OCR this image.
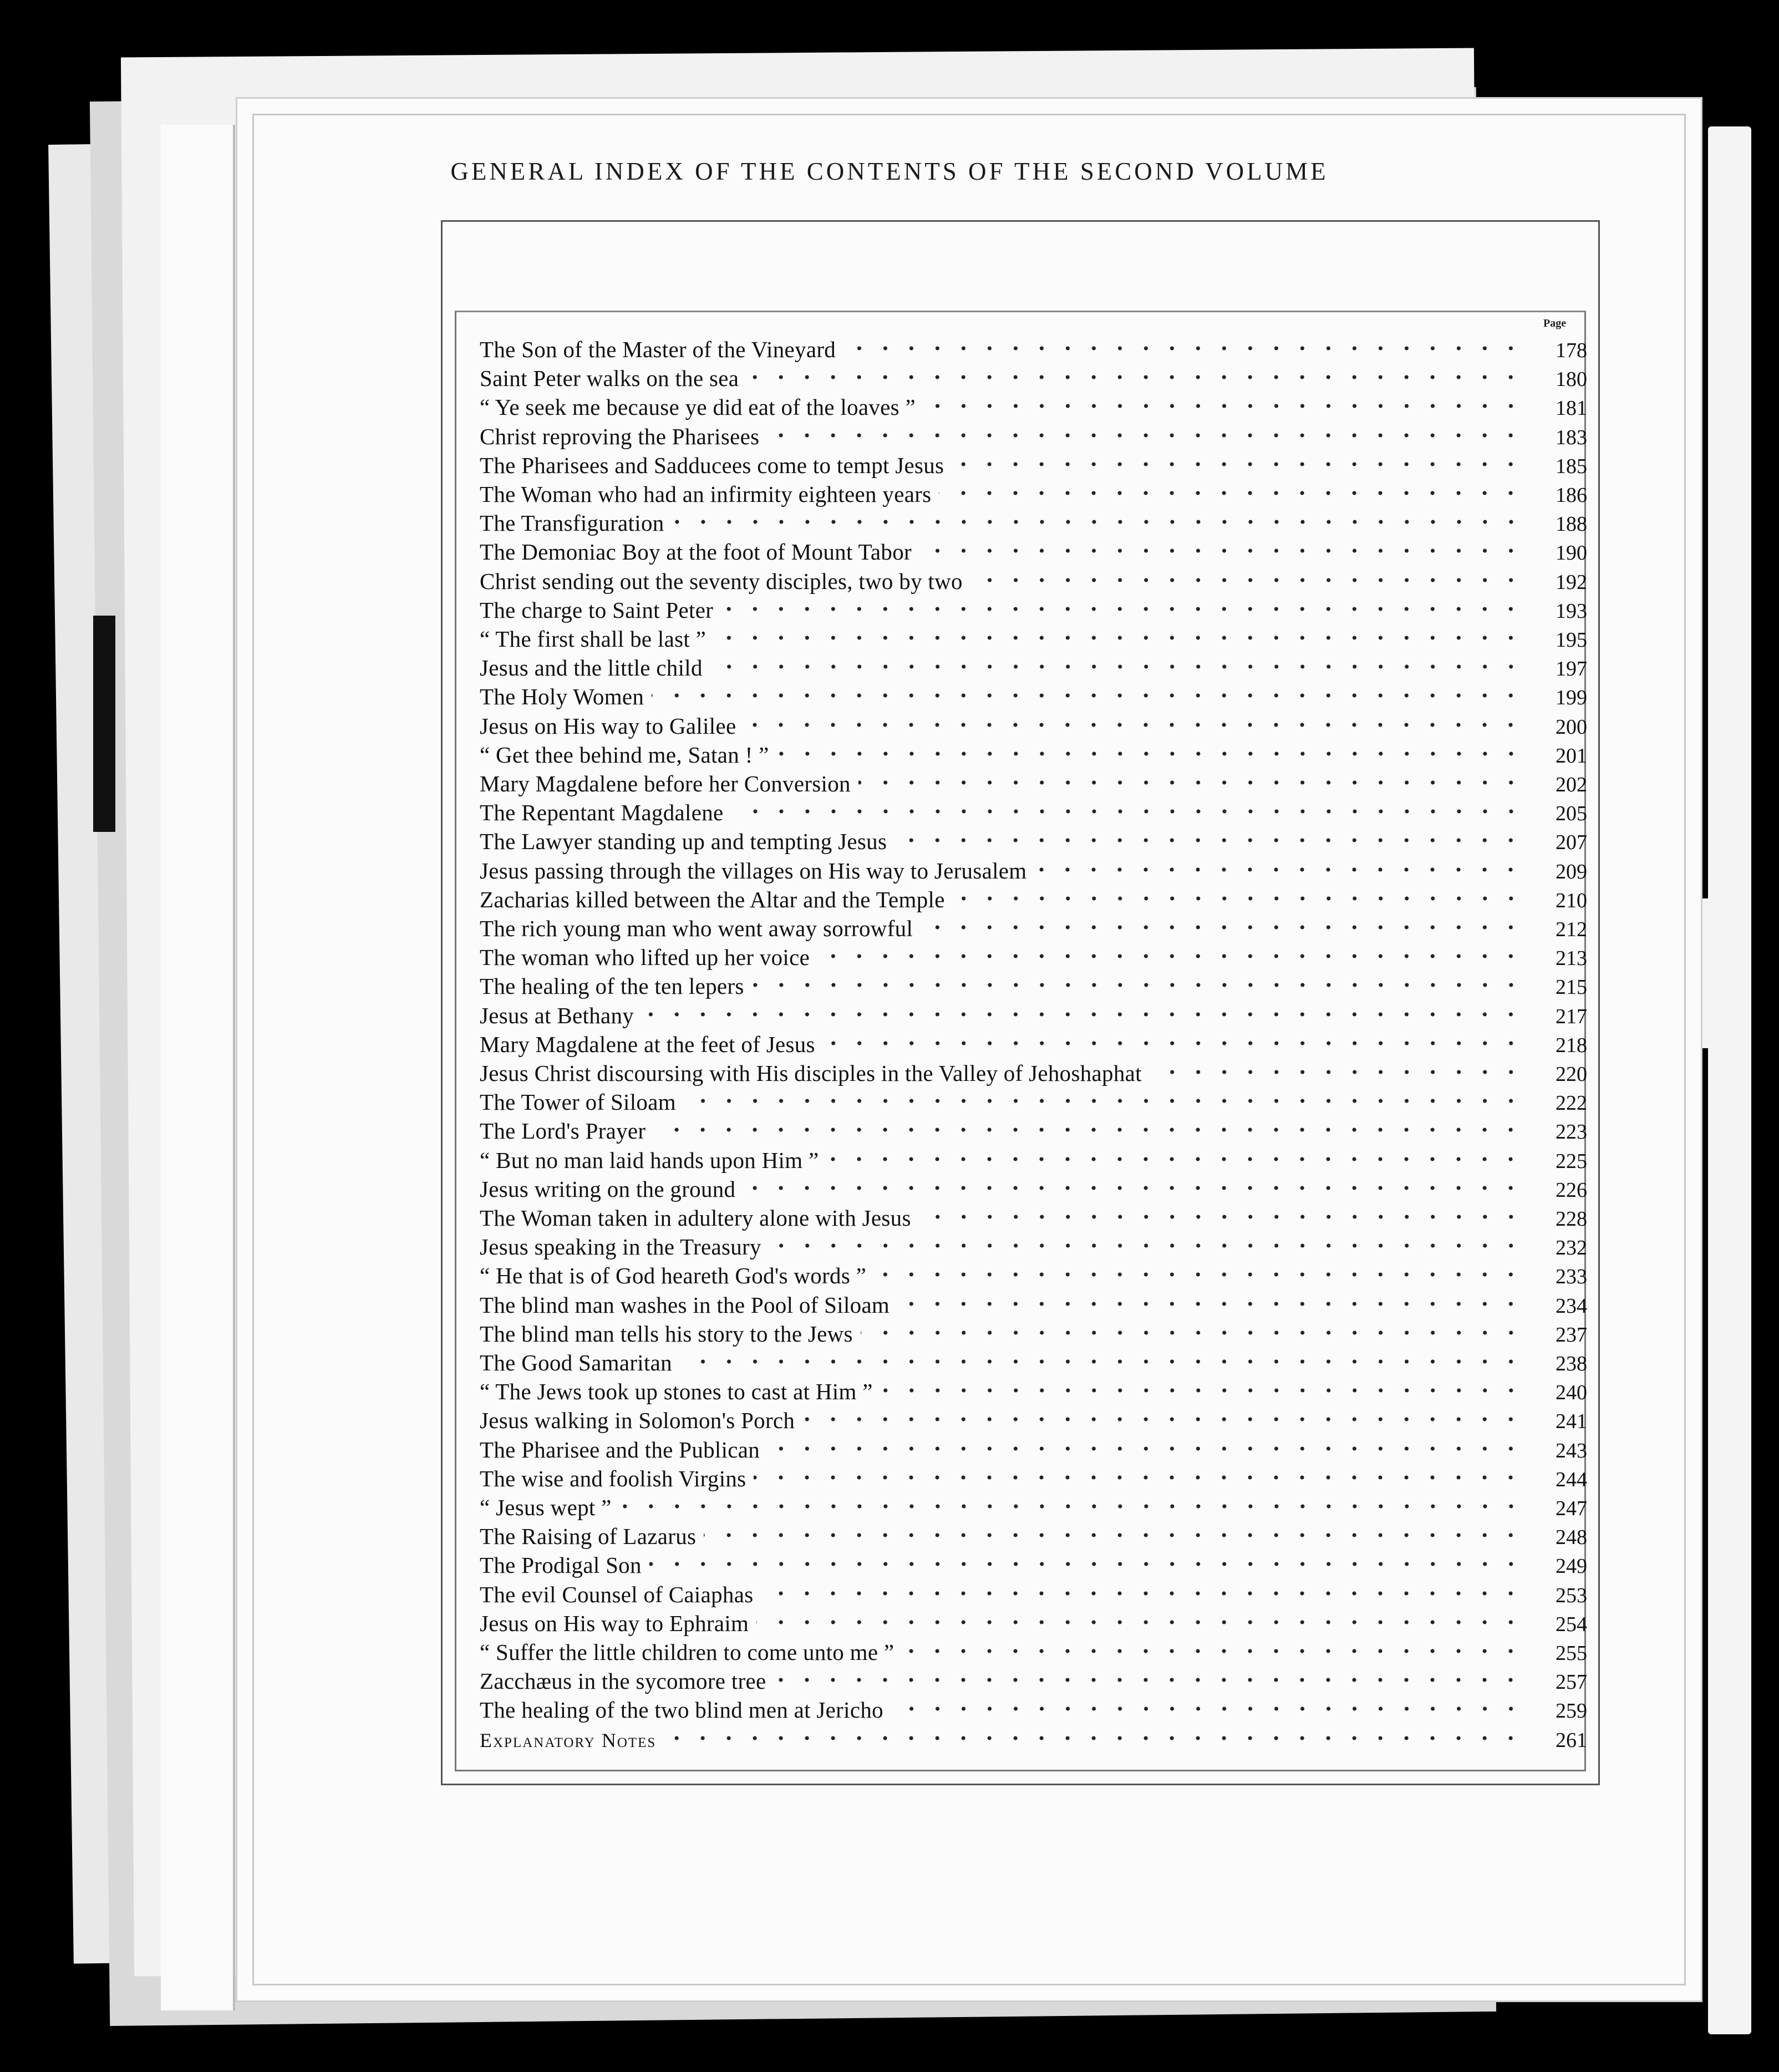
GENERAL INDEX OF THE CONTENTS OF THE SECOND VOLUME
Page
The Son of the Master of the Vineyard	178
Saint Peter walks on the sea	180
“ Ye seek me because ye did eat of the loaves ”	181
Christ reproving the Pharisees	183
The Pharisees and Sadducees come to tempt Jesus	185
The Woman who had an infirmity eighteen years	186
The Transfiguration	188
The Demoniac Boy at the foot of Mount Tabor	190
Christ sending out the seventy disciples, two by two	192
The charge to Saint Peter	193
“ The first shall be last ”	195
Jesus and the little child	197
The Holy Women	199
Jesus on His way to Galilee	200
“ Get thee behind me, Satan ! ”	201
Mary Magdalene before her Conversion	202
The Repentant Magdalene	205
The Lawyer standing up and tempting Jesus	207
Jesus passing through the villages on His way to Jerusalem	209
Zacharias killed between the Altar and the Temple	210
The rich young man who went away sorrowful	212
The woman who lifted up her voice	213
The healing of the ten lepers	215
Jesus at Bethany	217
Mary Magdalene at the feet of Jesus	218
Jesus Christ discoursing with His disciples in the Valley of Jehoshaphat	220
The Tower of Siloam	222
The Lord's Prayer	223
“ But no man laid hands upon Him ”	225
Jesus writing on the ground	226
The Woman taken in adultery alone with Jesus	228
Jesus speaking in the Treasury	232
“ He that is of God heareth God's words ”	233
The blind man washes in the Pool of Siloam	234
The blind man tells his story to the Jews	237
The Good Samaritan	238
“ The Jews took up stones to cast at Him ”	240
Jesus walking in Solomon's Porch	241
The Pharisee and the Publican	243
The wise and foolish Virgins	244
“ Jesus wept ”	247
The Raising of Lazarus	248
The Prodigal Son	249
The evil Counsel of Caiaphas	253
Jesus on His way to Ephraim	254
“ Suffer the little children to come unto me ”	255
Zacchæus in the sycomore tree	257
The healing of the two blind men at Jericho	259
Explanatory Notes	261
